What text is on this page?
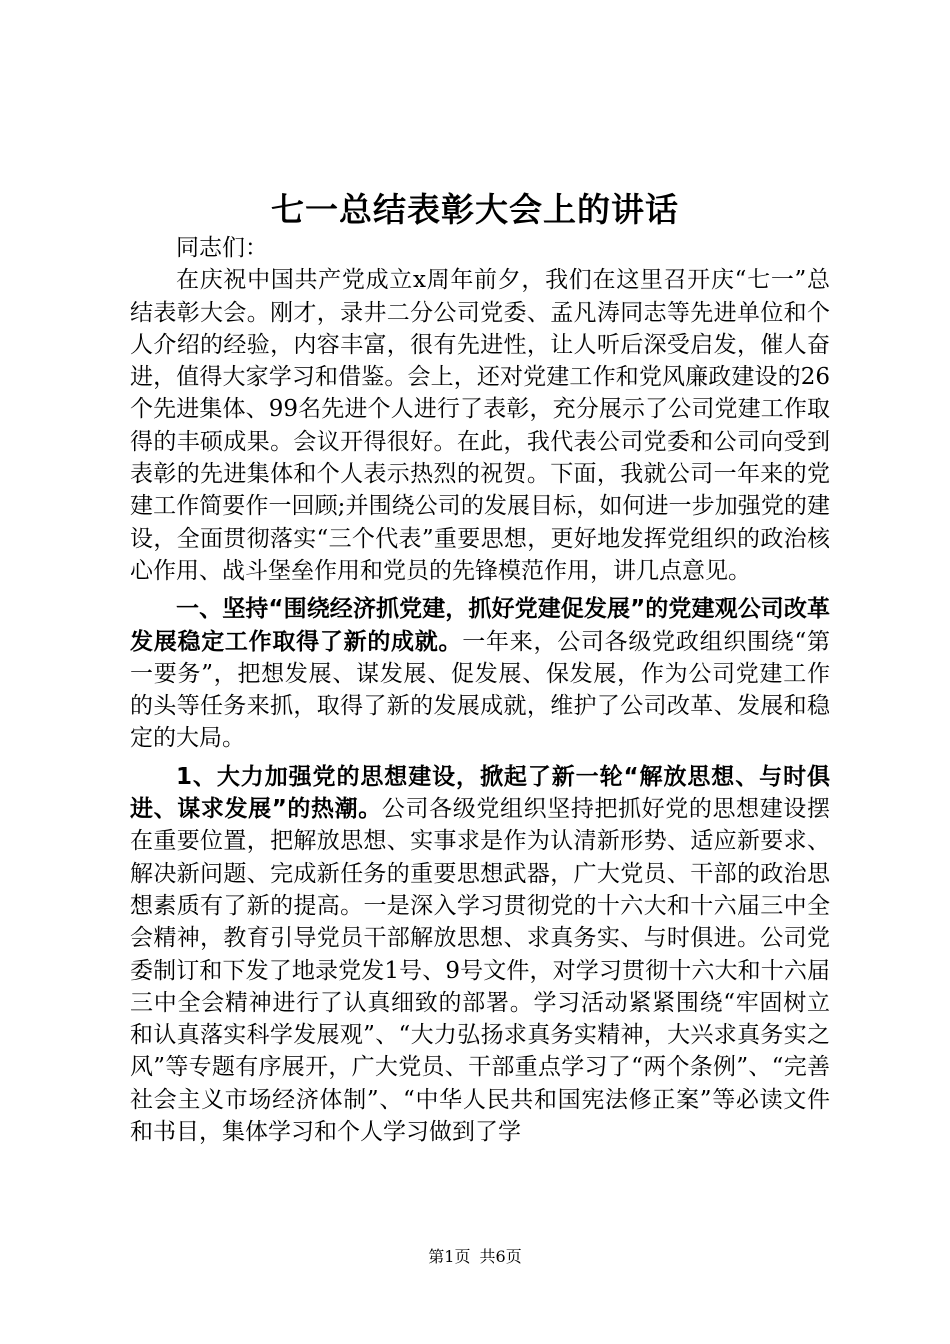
七一总结表彰大会上的讲话

同志们：

在庆祝中国共产党成立x周年前夕，我们在这里召开庆“七一”总结表彰大会。刚才，录井二分公司党委、孟凡涛同志等先进单位和个人介绍的经验，内容丰富，很有先进性，让人听后深受启发，催人奋进，值得大家学习和借鉴。会上，还对党建工作和党风廉政建设的26个先进集体、99名先进个人进行了表彰，充分展示了公司党建工作取得的丰硕成果。会议开得很好。在此，我代表公司党委和公司向受到表彰的先进集体和个人表示热烈的祝贺。下面，我就公司一年来的党建工作简要作一回顾;并围绕公司的发展目标，如何进一步加强党的建设，全面贯彻落实“三个代表”重要思想，更好地发挥党组织的政治核心作用、战斗堡垒作用和党员的先锋模范作用，讲几点意见。

一、坚持“围绕经济抓党建，抓好党建促发展”的党建观公司改革发展稳定工作取得了新的成就。一年来，公司各级党政组织围绕“第一要务”，把想发展、谋发展、促发展、保发展，作为公司党建工作的头等任务来抓，取得了新的发展成就，维护了公司改革、发展和稳定的大局。

1、大力加强党的思想建设，掀起了新一轮“解放思想、与时俱进、谋求发展”的热潮。公司各级党组织坚持把抓好党的思想建设摆在重要位置，把解放思想、实事求是作为认清新形势、适应新要求、解决新问题、完成新任务的重要思想武器，广大党员、干部的政治思想素质有了新的提高。一是深入学习贯彻党的十六大和十六届三中全会精神，教育引导党员干部解放思想、求真务实、与时俱进。公司党委制订和下发了地录党发1号、9号文件，对学习贯彻十六大和十六届三中全会精神进行了认真细致的部署。学习活动紧紧围绕“牢固树立和认真落实科学发展观”、“大力弘扬求真务实精神，大兴求真务实之风”等专题有序展开，广大党员、干部重点学习了“两个条例”、“完善社会主义市场经济体制”、“中华人民共和国宪法修正案”等必读文件和书目，集体学习和个人学习做到了学

第1页 共6页
